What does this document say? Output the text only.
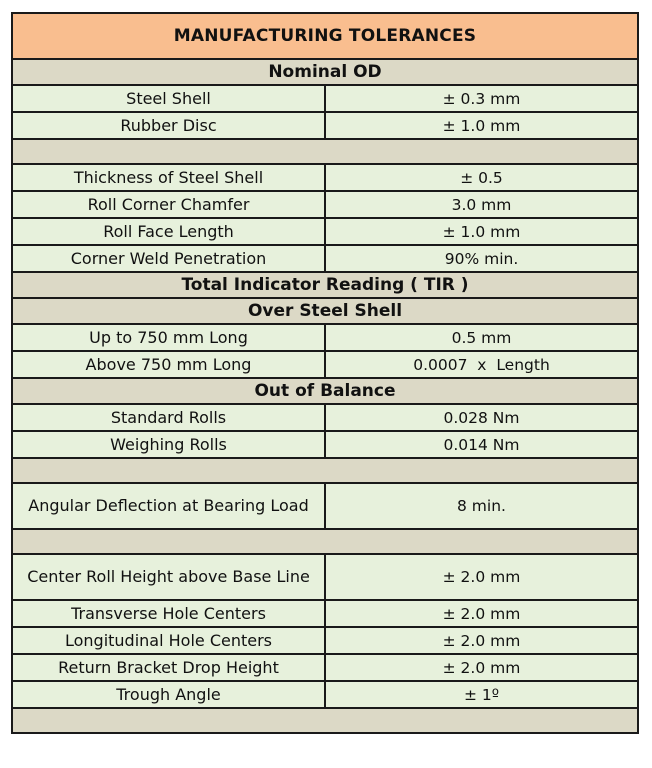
MANUFACTURING TOLERANCES	
Nominal OD	
Steel Shell	± 0.3 mm
Rubber Disc	± 1.0 mm

Thickness of Steel Shell	± 0.5
Roll Corner Chamfer	3.0 mm
Roll Face Length	± 1.0 mm
Corner Weld Penetration	90% min.
Total Indicator Reading ( TIR )	
Over Steel Shell	
Up to 750 mm Long	0.5 mm
Above 750 mm Long	0.0007  x  Length
Out of Balance	
Standard Rolls	0.028 Nm
Weighing Rolls	0.014 Nm

Angular Deflection at Bearing Load	8 min.

Center Roll Height above Base Line	± 2.0 mm
Transverse Hole Centers	± 2.0 mm
Longitudinal Hole Centers	± 2.0 mm
Return Bracket Drop Height	± 2.0 mm
Trough Angle	± 1º
